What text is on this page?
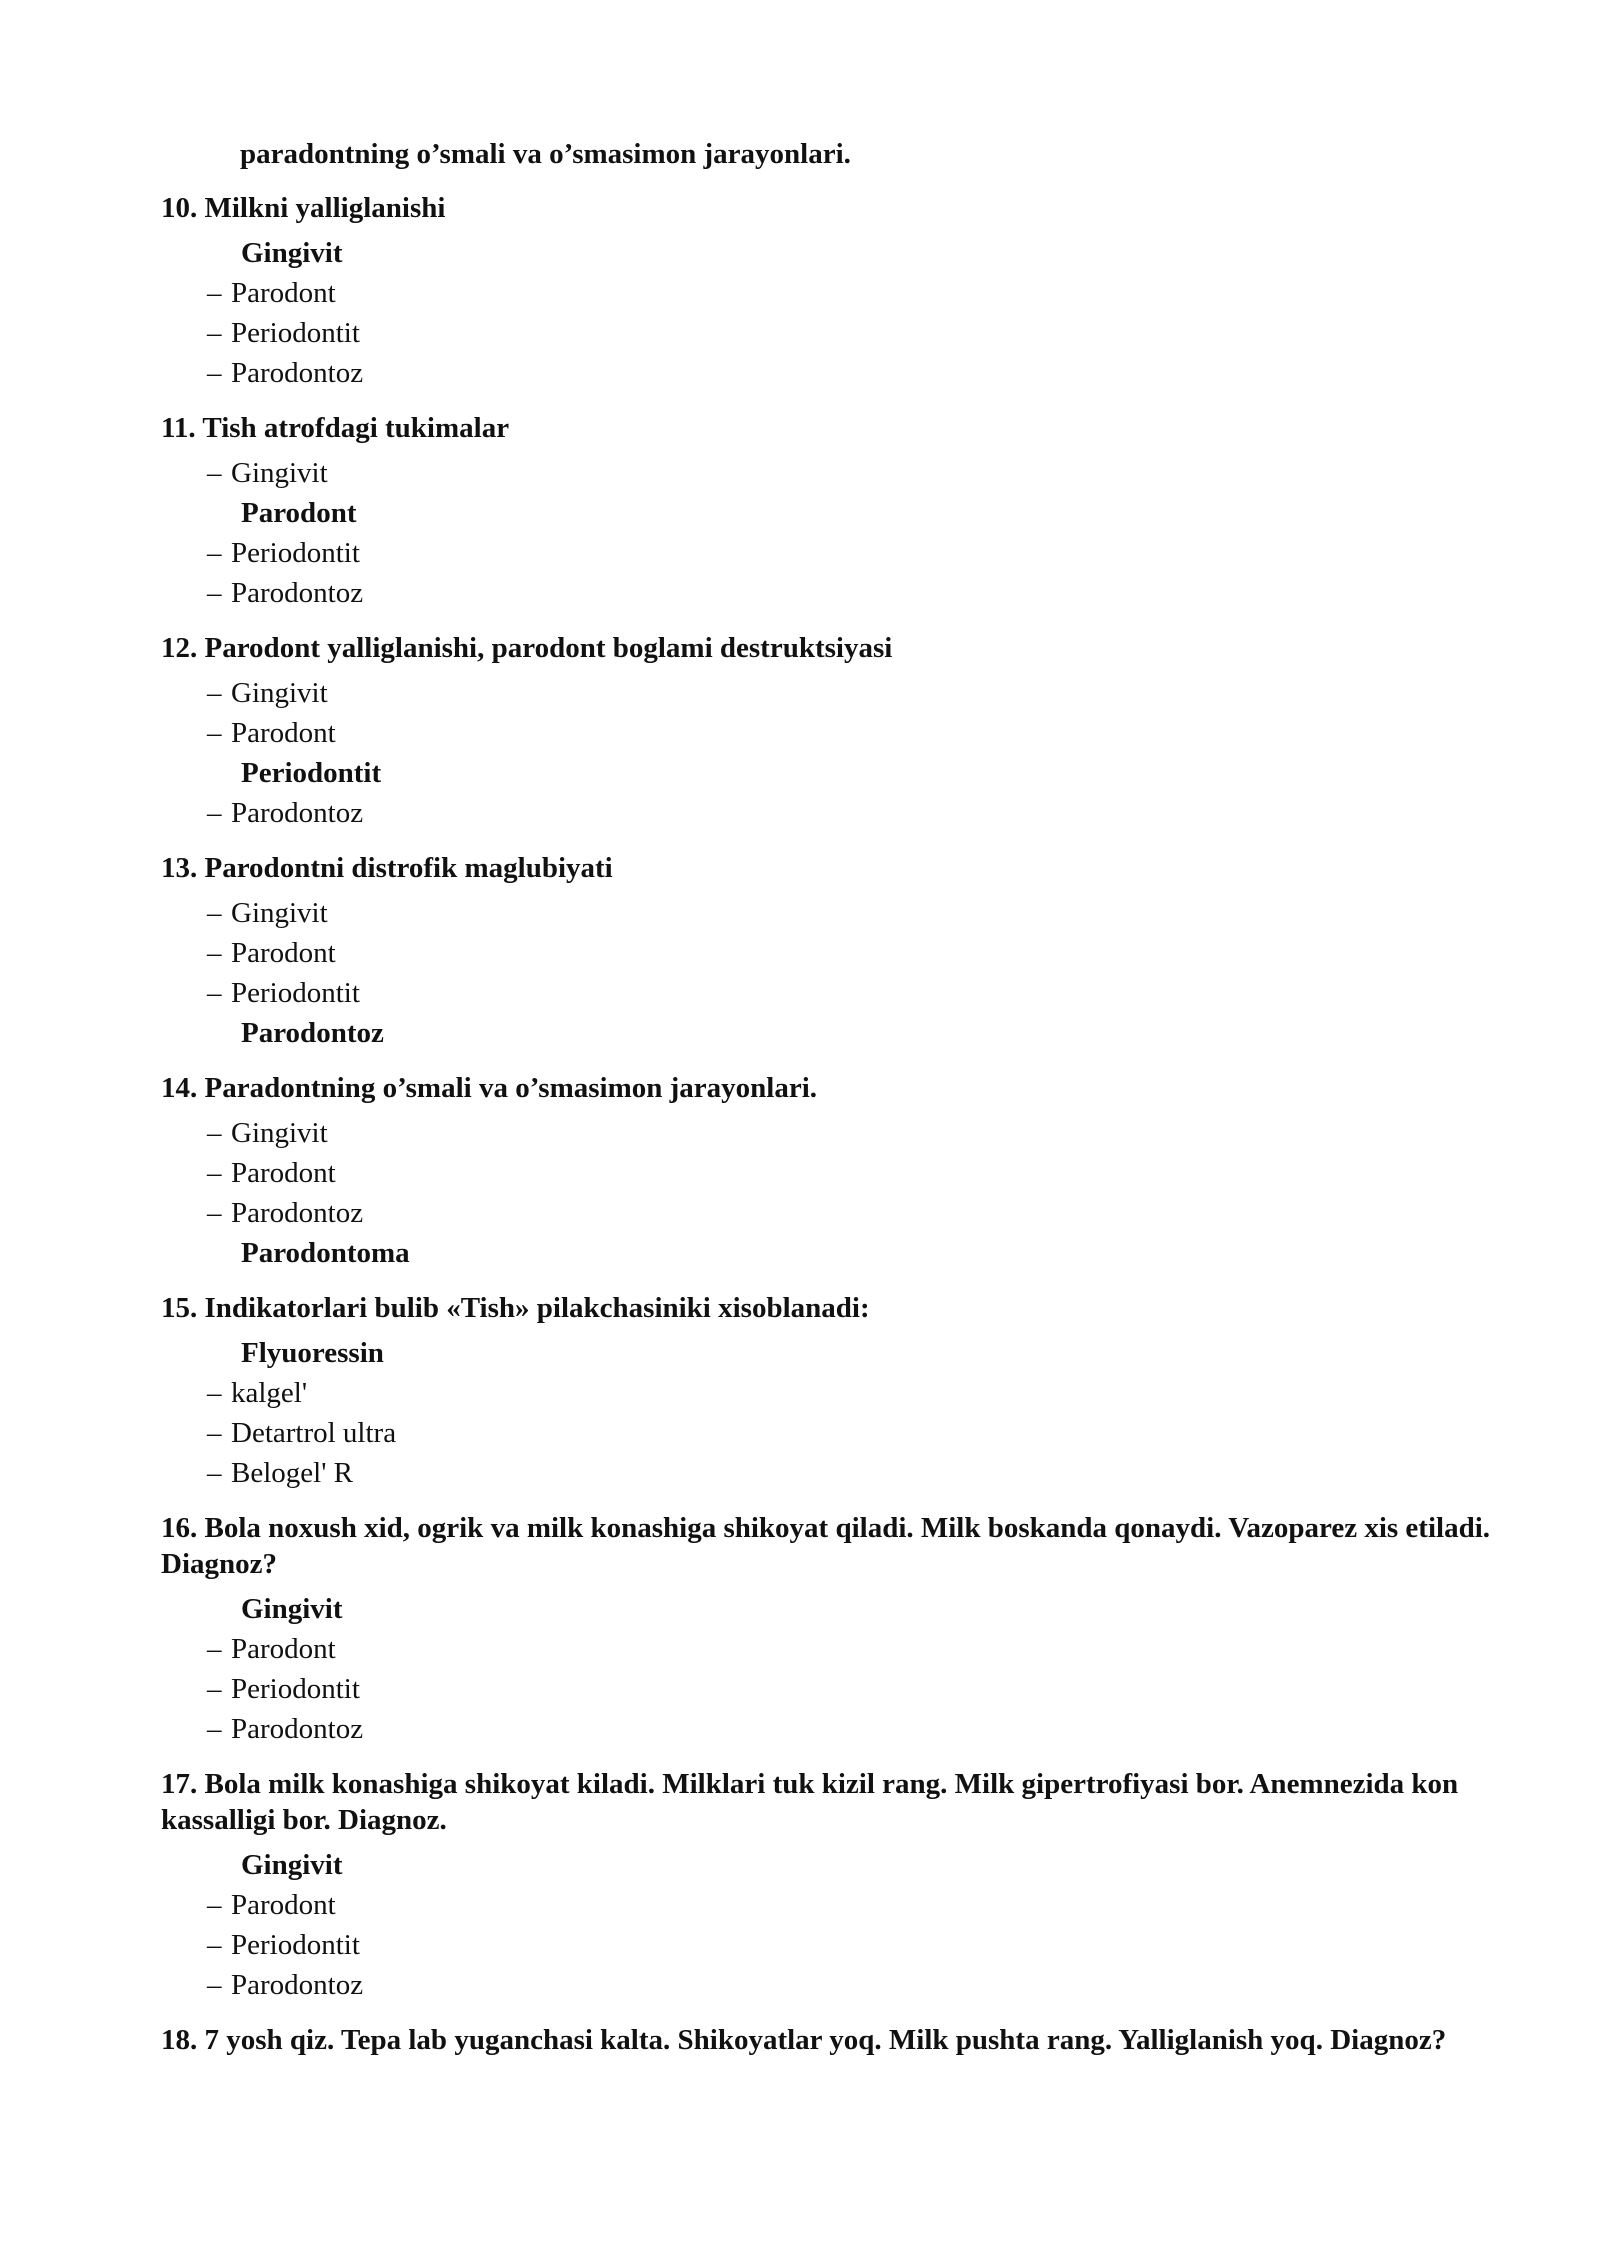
paradontning o’smali va o’smasimon jarayonlari.

10. Milkni yalliglanishi

Gingivit
– Parodont
– Periodontit
– Parodontoz

11. Tish atrofdagi tukimalar

– Gingivit
Parodont
– Periodontit
– Parodontoz

12. Parodont yalliglanishi, parodont boglami destruktsiyasi

– Gingivit
– Parodont
Periodontit
– Parodontoz

13. Parodontni distrofik maglubiyati

– Gingivit
– Parodont
– Periodontit
Parodontoz

14. Paradontning o’smali va o’smasimon jarayonlari.

– Gingivit
– Parodont
– Parodontoz
Parodontoma

15. Indikatorlari bulib «Tish» pilakchasiniki xisoblanadi:

Flyuoressin
– kalgel'
– Detartrol ultra
– Belogel' R

16. Bola noxush xid, ogrik va milk konashiga shikoyat qiladi. Milk boskanda qonaydi. Vazoparez xis etiladi. Diagnoz?

Gingivit
– Parodont
– Periodontit
– Parodontoz

17. Bola milk konashiga shikoyat kiladi. Milklari tuk kizil rang. Milk gipertrofiyasi bor. Anemnezida kon kassalligi bor. Diagnoz.

Gingivit
– Parodont
– Periodontit
– Parodontoz

18. 7 yosh qiz. Tepa lab yuganchasi kalta. Shikoyatlar yoq. Milk pushta rang. Yalliglanish yoq. Diagnoz?
